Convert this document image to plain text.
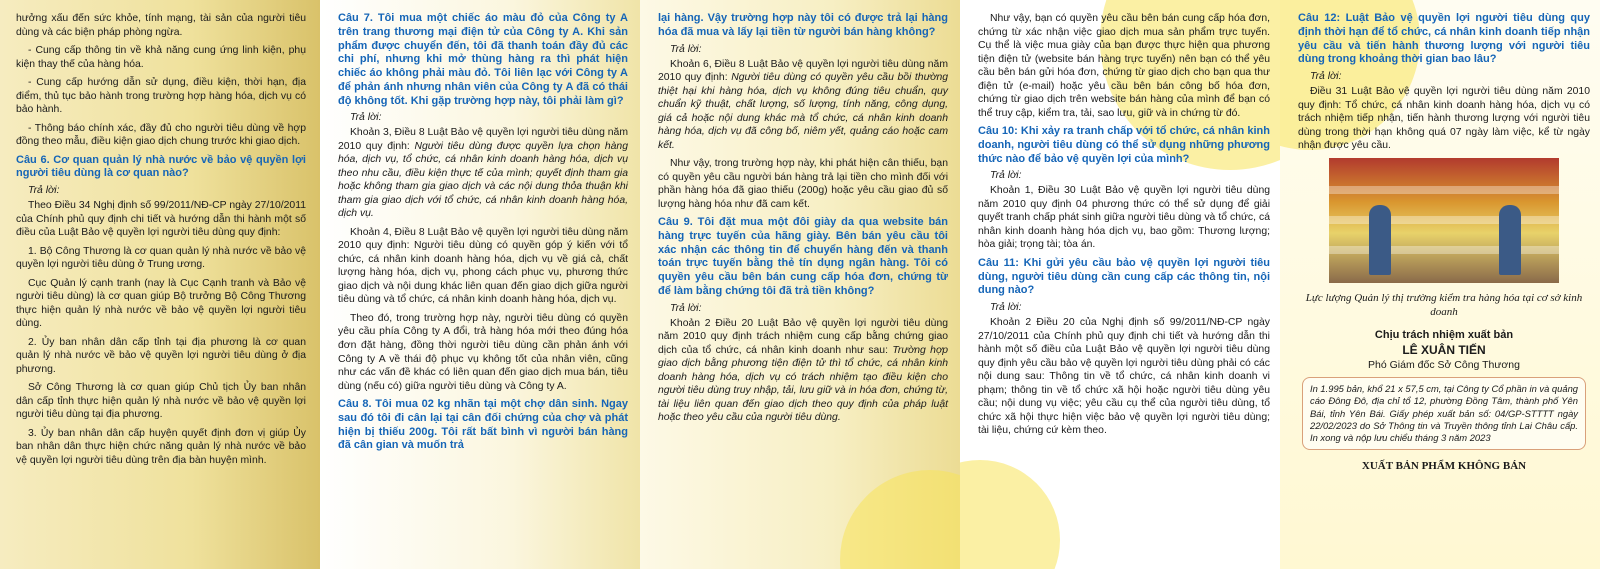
hưởng xấu đến sức khỏe, tính mạng, tài sản của người tiêu dùng và các biện pháp phòng ngừa.

- Cung cấp thông tin về khả năng cung ứng linh kiện, phụ kiện thay thế của hàng hóa.

- Cung cấp hướng dẫn sử dụng, điều kiện, thời hạn, địa điểm, thủ tục bảo hành trong trường hợp hàng hóa, dịch vụ có bảo hành.

- Thông báo chính xác, đầy đủ cho người tiêu dùng về hợp đồng theo mẫu, điều kiện giao dịch chung trước khi giao dịch.

Câu 6. Cơ quan quản lý nhà nước về bảo vệ quyền lợi người tiêu dùng là cơ quan nào?
Trả lời:

Theo Điều 34 Nghị định số 99/2011/NĐ-CP ngày 27/10/2011 của Chính phủ quy định chi tiết và hướng dẫn thi hành một số điều của Luật Bảo vệ quyền lợi người tiêu dùng quy định:

1. Bộ Công Thương là cơ quan quản lý nhà nước về bảo vệ quyền lợi người tiêu dùng ở Trung ương.

Cục Quản lý cạnh tranh (nay là Cục Cạnh tranh và Bảo vệ người tiêu dùng) là cơ quan giúp Bộ trưởng Bộ Công Thương thực hiện quản lý nhà nước về bảo vệ quyền lợi người tiêu dùng.

2. Ủy ban nhân dân cấp tỉnh tại địa phương là cơ quan quản lý nhà nước về bảo vệ quyền lợi người tiêu dùng ở địa phương.

Sở Công Thương là cơ quan giúp Chủ tịch Ủy ban nhân dân cấp tỉnh thực hiện quản lý nhà nước về bảo vệ quyền lợi người tiêu dùng tại địa phương.

3. Ủy ban nhân dân cấp huyện quyết định đơn vị giúp Ủy ban nhân dân thực hiện chức năng quản lý nhà nước về bảo vệ quyền lợi người tiêu dùng trên địa bàn huyện mình.

Câu 7. Tôi mua một chiếc áo màu đỏ của Công ty A trên trang thương mại điện tử của Công ty A. Khi sản phẩm được chuyển đến, tôi đã thanh toán đầy đủ các chi phí, nhưng khi mở thùng hàng ra thì phát hiện chiếc áo không phải màu đỏ. Tôi liên lạc với Công ty A để phản ánh nhưng nhân viên của Công ty A đã có thái độ không tốt. Khi gặp trường hợp này, tôi phải làm gì?
Trả lời:

Khoản 3, Điều 8 Luật Bảo vệ quyền lợi người tiêu dùng năm 2010 quy định: Người tiêu dùng được quyền lựa chọn hàng hóa, dịch vụ, tổ chức, cá nhân kinh doanh hàng hóa, dịch vụ theo nhu cầu, điều kiện thực tế của mình; quyết định tham gia hoặc không tham gia giao dịch và các nội dung thỏa thuận khi tham gia giao dịch với tổ chức, cá nhân kinh doanh hàng hóa, dịch vụ.

Khoản 4, Điều 8 Luật Bảo vệ quyền lợi người tiêu dùng năm 2010 quy định: Người tiêu dùng có quyền góp ý kiến với tổ chức, cá nhân kinh doanh hàng hóa, dịch vụ về giá cả, chất lượng hàng hóa, dịch vụ, phong cách phục vụ, phương thức giao dịch và nội dung khác liên quan đến giao dịch giữa người tiêu dùng và tổ chức, cá nhân kinh doanh hàng hóa, dịch vụ.

Theo đó, trong trường hợp này, người tiêu dùng có quyền yêu cầu phía Công ty A đổi, trả hàng hóa mới theo đúng hóa đơn đặt hàng, đồng thời người tiêu dùng cần phản ánh với Công ty A về thái độ phục vụ không tốt của nhân viên, cũng như các vấn đề khác có liên quan đến giao dịch mua bán, tiêu dùng (nếu có) giữa người tiêu dùng và Công ty A.

Câu 8. Tôi mua 02 kg nhãn tại một chợ dân sinh. Ngay sau đó tôi đi cân lại tại cân đối chứng của chợ và phát hiện bị thiếu 200g. Tôi rất bất bình vì người bán hàng đã cân gian và muốn trả
lại hàng. Vậy trường hợp này tôi có được trả lại hàng hóa đã mua và lấy lại tiền từ người bán hàng không?
Trả lời:

Khoản 6, Điều 8 Luật Bảo vệ quyền lợi người tiêu dùng năm 2010 quy định: Người tiêu dùng có quyền yêu cầu bồi thường thiệt hại khi hàng hóa, dịch vụ không đúng tiêu chuẩn, quy chuẩn kỹ thuật, chất lượng, số lượng, tính năng, công dụng, giá cả hoặc nội dung khác mà tổ chức, cá nhân kinh doanh hàng hóa, dịch vụ đã công bố, niêm yết, quảng cáo hoặc cam kết.

Như vậy, trong trường hợp này, khi phát hiện cân thiếu, bạn có quyền yêu cầu người bán hàng trả lại tiền cho mình đối với phần hàng hóa đã giao thiếu (200g) hoặc yêu cầu giao đủ số lượng hàng hóa như đã cam kết.

Câu 9. Tôi đặt mua một đôi giày da qua website bán hàng trực tuyến của hãng giày. Bên bán yêu cầu tôi xác nhận các thông tin để chuyển hàng đến và thanh toán trực tuyến bằng thẻ tín dụng ngân hàng. Tôi có quyền yêu cầu bên bán cung cấp hóa đơn, chứng từ để làm bằng chứng tôi đã trả tiền không?
Trả lời:

Khoản 2 Điều 20 Luật Bảo vệ quyền lợi người tiêu dùng năm 2010 quy định trách nhiệm cung cấp bằng chứng giao dịch của tổ chức, cá nhân kinh doanh như sau: Trường hợp giao dịch bằng phương tiện điện tử thì tổ chức, cá nhân kinh doanh hàng hóa, dịch vụ có trách nhiệm tạo điều kiện cho người tiêu dùng truy nhập, tải, lưu giữ và in hóa đơn, chứng từ, tài liệu liên quan đến giao dịch theo quy định của pháp luật hoặc theo yêu cầu của người tiêu dùng.

Như vậy, bạn có quyền yêu cầu bên bán cung cấp hóa đơn, chứng từ xác nhận việc giao dịch mua sản phẩm trực tuyến. Cụ thể là việc mua giày của bạn được thực hiện qua phương tiện điện tử (website bán hàng trực tuyến) nên bạn có thể yêu cầu bên bán gửi hóa đơn, chứng từ giao dịch cho bạn qua thư điện tử (e-mail) hoặc yêu cầu bên bán công bố hóa đơn, chứng từ giao dịch trên website bán hàng của mình để bạn có thể truy cập, kiểm tra, tải, sao lưu, giữ và in chứng từ đó.

Câu 10: Khi xảy ra tranh chấp với tổ chức, cá nhân kinh doanh, người tiêu dùng có thể sử dụng những phương thức nào để bảo vệ quyền lợi của mình?
Trả lời:

Khoản 1, Điều 30 Luật Bảo vệ quyền lợi người tiêu dùng năm 2010 quy định 04 phương thức có thể sử dụng để giải quyết tranh chấp phát sinh giữa người tiêu dùng và tổ chức, cá nhân kinh doanh hàng hóa dịch vụ, bao gồm: Thương lượng; hòa giải; trọng tài; tòa án.

Câu 11: Khi gửi yêu cầu bảo vệ quyền lợi người tiêu dùng, người tiêu dùng cần cung cấp các thông tin, nội dung nào?
Trả lời:

Khoản 2 Điều 20 của Nghị định số 99/2011/NĐ-CP ngày 27/10/2011 của Chính phủ quy định chi tiết và hướng dẫn thi hành một số điều của Luật Bảo vệ quyền lợi người tiêu dùng quy định yêu cầu bảo vệ quyền lợi người tiêu dùng phải có các nội dung sau: Thông tin về tổ chức, cá nhân kinh doanh vi phạm; thông tin về tổ chức xã hội hoặc người tiêu dùng yêu cầu; nội dung vụ việc; yêu cầu cụ thể của người tiêu dùng, tổ chức xã hội thực hiện việc bảo vệ quyền lợi người tiêu dùng; tài liệu, chứng cứ kèm theo.

Câu 12: Luật Bảo vệ quyền lợi người tiêu dùng quy định thời hạn để tổ chức, cá nhân kinh doanh tiếp nhận yêu cầu và tiến hành thương lượng với người tiêu dùng trong khoảng thời gian bao lâu?
Trả lời:

Điều 31 Luật Bảo vệ quyền lợi người tiêu dùng năm 2010 quy định: Tổ chức, cá nhân kinh doanh hàng hóa, dịch vụ có trách nhiệm tiếp nhận, tiến hành thương lượng với người tiêu dùng trong thời hạn không quá 07 ngày làm việc, kể từ ngày nhận được yêu cầu.

Lực lượng Quản lý thị trường kiểm tra hàng hóa tại cơ sở kinh doanh
Chịu trách nhiệm xuất bản
LÊ XUÂN TIẾN
Phó Giám đốc Sở Công Thương
In 1.995 bản, khổ 21 x 57,5 cm, tại Công ty Cổ phần in và quảng cáo Đông Đô, địa chỉ tổ 12, phường Đồng Tâm, thành phố Yên Bái, tỉnh Yên Bái. Giấy phép xuất bản số: 04/GP-STTTT ngày 22/02/2023 do Sở Thông tin và Truyền thông tỉnh Lai Châu cấp. In xong và nộp lưu chiểu tháng 3 năm 2023
XUẤT BẢN PHẨM KHÔNG BÁN
